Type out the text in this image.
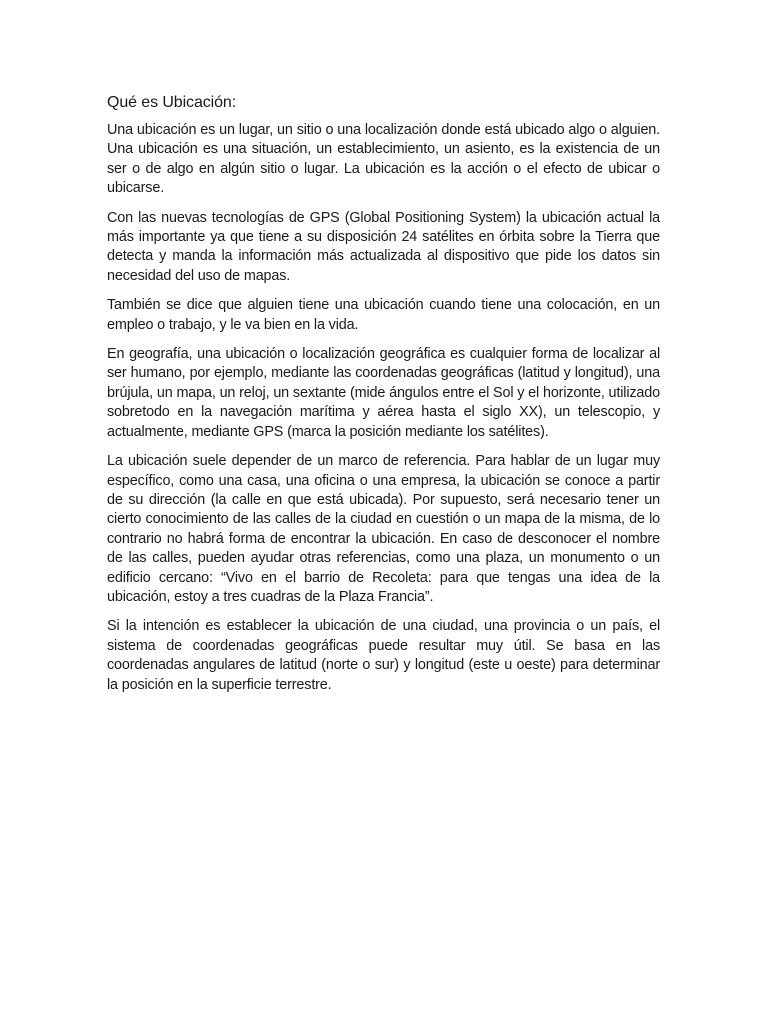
Qué es Ubicación:

Una ubicación es un lugar, un sitio o una localización donde está ubicado algo o alguien. Una ubicación es una situación, un establecimiento, un asiento, es la existencia de un ser o de algo en algún sitio o lugar. La ubicación es la acción o el efecto de ubicar o ubicarse.

Con las nuevas tecnologías de GPS (Global Positioning System) la ubicación actual la más importante ya que tiene a su disposición 24 satélites en órbita sobre la Tierra que detecta y manda la información más actualizada al dispositivo que pide los datos sin necesidad del uso de mapas.

También se dice que alguien tiene una ubicación cuando tiene una colocación, en un empleo o trabajo, y le va bien en la vida.

En geografía, una ubicación o localización geográfica es cualquier forma de localizar al ser humano, por ejemplo, mediante las coordenadas geográficas (latitud y longitud), una brújula, un mapa, un reloj, un sextante (mide ángulos entre el Sol y el horizonte, utilizado sobretodo en la navegación marítima y aérea hasta el siglo XX), un telescopio, y actualmente, mediante GPS (marca la posición mediante los satélites).

La ubicación suele depender de un marco de referencia. Para hablar de un lugar muy específico, como una casa, una oficina o una empresa, la ubicación se conoce a partir de su dirección (la calle en que está ubicada). Por supuesto, será necesario tener un cierto conocimiento de las calles de la ciudad en cuestión o un mapa de la misma, de lo contrario no habrá forma de encontrar la ubicación. En caso de desconocer el nombre de las calles, pueden ayudar otras referencias, como una plaza, un monumento o un edificio cercano: “Vivo en el barrio de Recoleta: para que tengas una idea de la ubicación, estoy a tres cuadras de la Plaza Francia”.

Si la intención es establecer la ubicación de una ciudad, una provincia o un país, el sistema de coordenadas geográficas puede resultar muy útil. Se basa en las coordenadas angulares de latitud (norte o sur) y longitud (este u oeste) para determinar la posición en la superficie terrestre.
